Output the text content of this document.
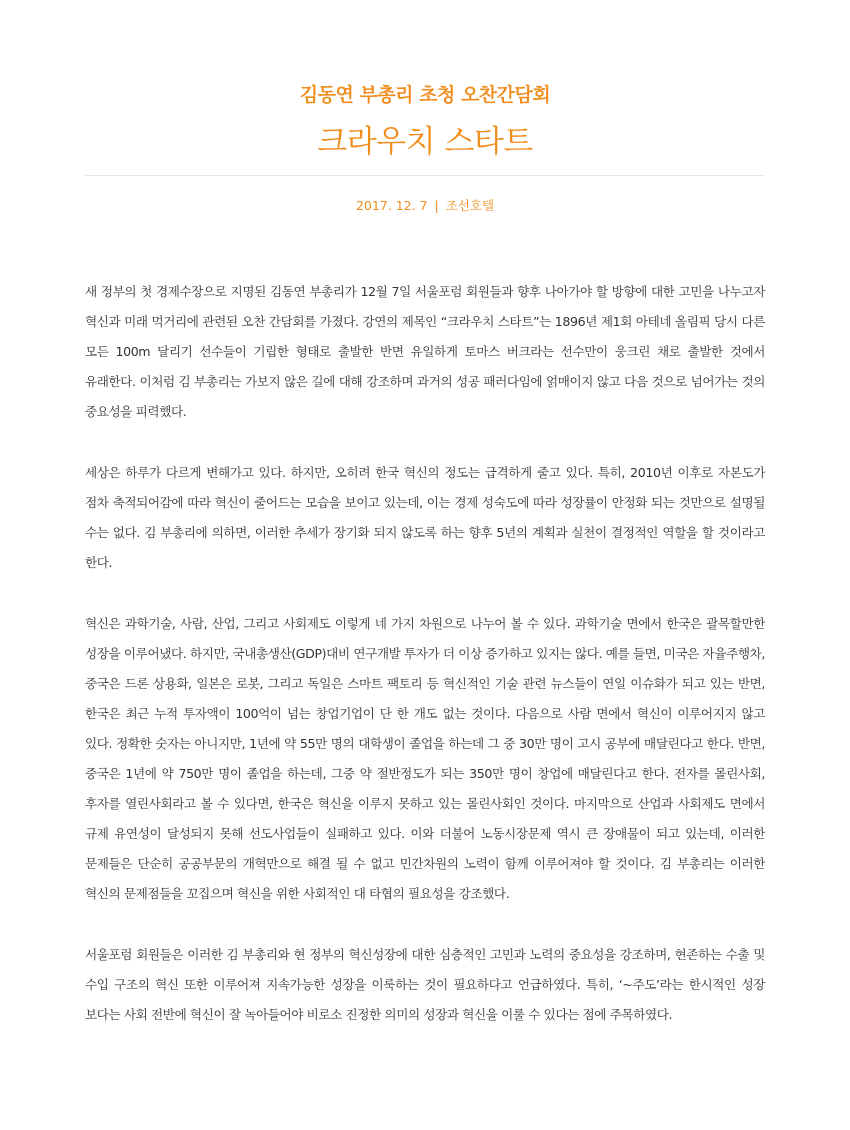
김동연 부총리 초청 오찬간담회
크라우치 스타트
2017. 12. 7 | 조선호텔

새 정부의 첫 경제수장으로 지명된 김동연 부총리가 12월 7일 서울포럼 회원들과 향후 나아가야 할 방향에 대한 고민을 나누고자 혁신과 미래 먹거리에 관련된 오찬 간담회를 가졌다. 강연의 제목인 “크라우치 스타트”는 1896년 제1회 아테네 올림픽 당시 다른 모든 100m 달리기 선수들이 기립한 형태로 출발한 반면 유일하게 토마스 버크라는 선수만이 웅크린 채로 출발한 것에서 유래한다. 이처럼 김 부총리는 가보지 않은 길에 대해 강조하며 과거의 성공 패러다임에 얽매이지 않고 다음 것으로 넘어가는 것의 중요성을 피력했다.

세상은 하루가 다르게 변해가고 있다. 하지만, 오히려 한국 혁신의 정도는 급격하게 줄고 있다. 특히, 2010년 이후로 자본도가 점차 축적되어감에 따라 혁신이 줄어드는 모습을 보이고 있는데, 이는 경제 성숙도에 따라 성장률이 안정화 되는 것만으로 설명될 수는 없다. 김 부총리에 의하면, 이러한 추세가 장기화 되지 않도록 하는 향후 5년의 계획과 실천이 결정적인 역할을 할 것이라고 한다.

혁신은 과학기술, 사람, 산업, 그리고 사회제도 이렇게 네 가지 차원으로 나누어 볼 수 있다. 과학기술 면에서 한국은 괄목할만한 성장을 이루어냈다. 하지만, 국내총생산(GDP)대비 연구개발 투자가 더 이상 증가하고 있지는 않다. 예를 들면, 미국은 자율주행차, 중국은 드론 상용화, 일본은 로봇, 그리고 독일은 스마트 팩토리 등 혁신적인 기술 관련 뉴스들이 연일 이슈화가 되고 있는 반면, 한국은 최근 누적 투자액이 100억이 넘는 창업기업이 단 한 개도 없는 것이다. 다음으로 사람 면에서 혁신이 이루어지지 않고 있다. 정확한 숫자는 아니지만, 1년에 약 55만 명의 대학생이 졸업을 하는데 그 중 30만 명이 고시 공부에 매달린다고 한다. 반면, 중국은 1년에 약 750만 명이 졸업을 하는데, 그중 약 절반정도가 되는 350만 명이 창업에 매달린다고 한다. 전자를 몰린사회, 후자를 열린사회라고 볼 수 있다면, 한국은 혁신을 이루지 못하고 있는 몰린사회인 것이다. 마지막으로 산업과 사회제도 면에서 규제 유연성이 달성되지 못해 선도사업들이 실패하고 있다. 이와 더불어 노동시장문제 역시 큰 장애물이 되고 있는데, 이러한 문제들은 단순히 공공부문의 개혁만으로 해결 될 수 없고 민간차원의 노력이 함께 이루어져야 할 것이다. 김 부총리는 이러한 혁신의 문제점들을 꼬집으며 혁신을 위한 사회적인 대 타협의 필요성을 강조했다.

서울포럼 회원들은 이러한 김 부총리와 현 정부의 혁신성장에 대한 심층적인 고민과 노력의 중요성을 강조하며, 현존하는 수출 및 수입 구조의 혁신 또한 이루어져 지속가능한 성장을 이룩하는 것이 필요하다고 언급하였다. 특히, ‘~주도’라는 한시적인 성장 보다는 사회 전반에 혁신이 잘 녹아들어야 비로소 진정한 의미의 성장과 혁신을 이룰 수 있다는 점에 주목하였다.
